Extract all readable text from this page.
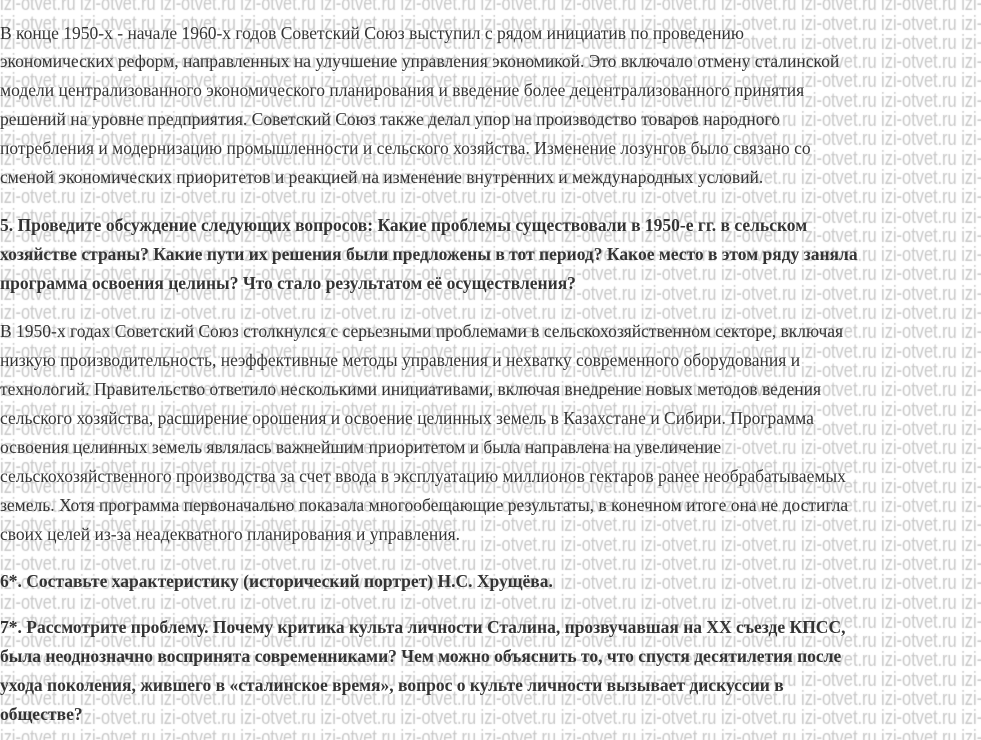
В конце 1950-х - начале 1960-х годов Советский Союз выступил с рядом инициатив по проведению
экономических реформ, направленных на улучшение управления экономикой. Это включало отмену сталинской
модели централизованного экономического планирования и введение более децентрализованного принятия
решений на уровне предприятия. Советский Союз также делал упор на производство товаров народного
потребления и модернизацию промышленности и сельского хозяйства. Изменение лозунгов было связано со
сменой экономических приоритетов и реакцией на изменение внутренних и международных условий.
5. Проведите обсуждение следующих вопросов: Какие проблемы существовали в 1950-е гг. в сельском
хозяйстве страны? Какие пути их решения были предложены в тот период? Какое место в этом ряду заняла
программа освоения целины? Что стало результатом её осуществления?
В 1950-х годах Советский Союз столкнулся с серьезными проблемами в сельскохозяйственном секторе, включая
низкую производительность, неэффективные методы управления и нехватку современного оборудования и
технологий. Правительство ответило несколькими инициативами, включая внедрение новых методов ведения
сельского хозяйства, расширение орошения и освоение целинных земель в Казахстане и Сибири. Программа
освоения целинных земель являлась важнейшим приоритетом и была направлена на увеличение
сельскохозяйственного производства за счет ввода в эксплуатацию миллионов гектаров ранее необрабатываемых
земель. Хотя программа первоначально показала многообещающие результаты, в конечном итоге она не достигла
своих целей из-за неадекватного планирования и управления.
6*. Составьте характеристику (исторический портрет) Н.С. Хрущёва.
7*. Рассмотрите проблему. Почему критика культа личности Сталина, прозвучавшая на XX съезде КПСС,
была неоднозначно воспринята современниками? Чем можно объяснить то, что спустя десятилетия после
ухода поколения, жившего в «сталинское время», вопрос о культе личности вызывает дискуссии в
обществе?
